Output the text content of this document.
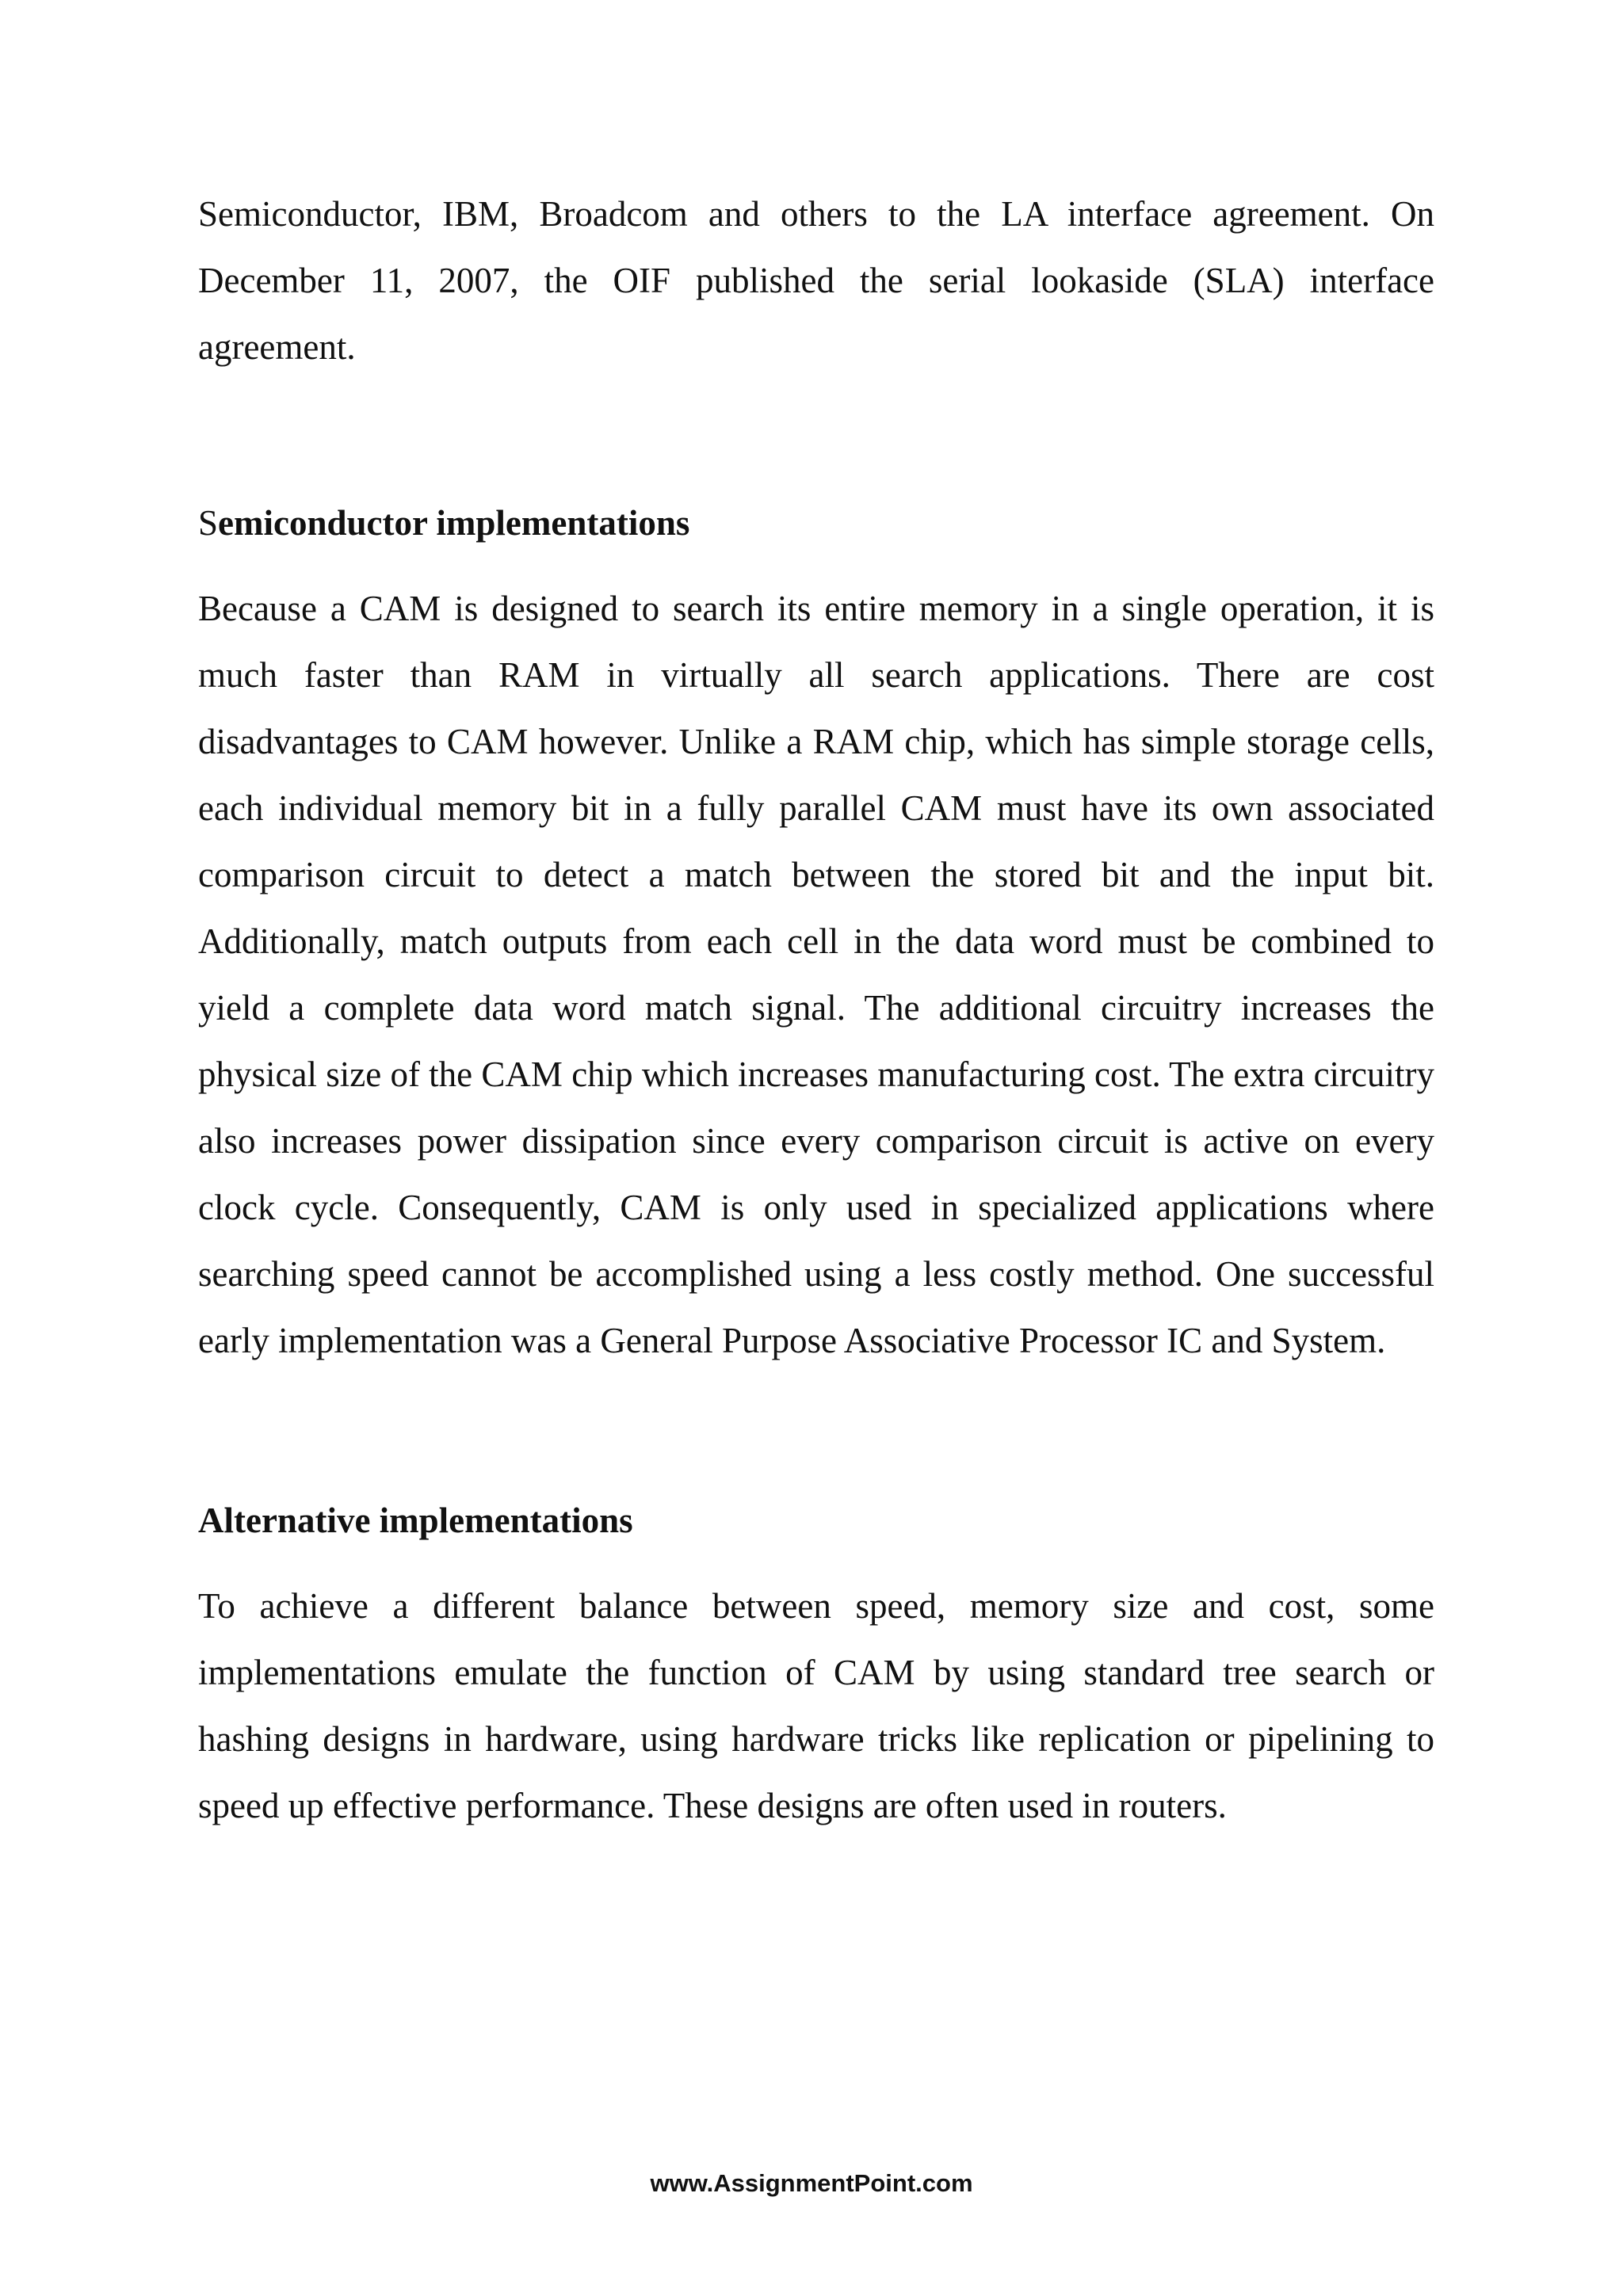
Semiconductor, IBM, Broadcom and others to the LA interface agreement. On December 11, 2007, the OIF published the serial lookaside (SLA) interface agreement.

Semiconductor implementations

Because a CAM is designed to search its entire memory in a single operation, it is much faster than RAM in virtually all search applications. There are cost disadvantages to CAM however. Unlike a RAM chip, which has simple storage cells, each individual memory bit in a fully parallel CAM must have its own associated comparison circuit to detect a match between the stored bit and the input bit. Additionally, match outputs from each cell in the data word must be combined to yield a complete data word match signal. The additional circuitry increases the physical size of the CAM chip which increases manufacturing cost. The extra circuitry also increases power dissipation since every comparison circuit is active on every clock cycle. Consequently, CAM is only used in specialized applications where searching speed cannot be accomplished using a less costly method. One successful early implementation was a General Purpose Associative Processor IC and System.

Alternative implementations

To achieve a different balance between speed, memory size and cost, some implementations emulate the function of CAM by using standard tree search or hashing designs in hardware, using hardware tricks like replication or pipelining to speed up effective performance. These designs are often used in routers.

www.AssignmentPoint.com
